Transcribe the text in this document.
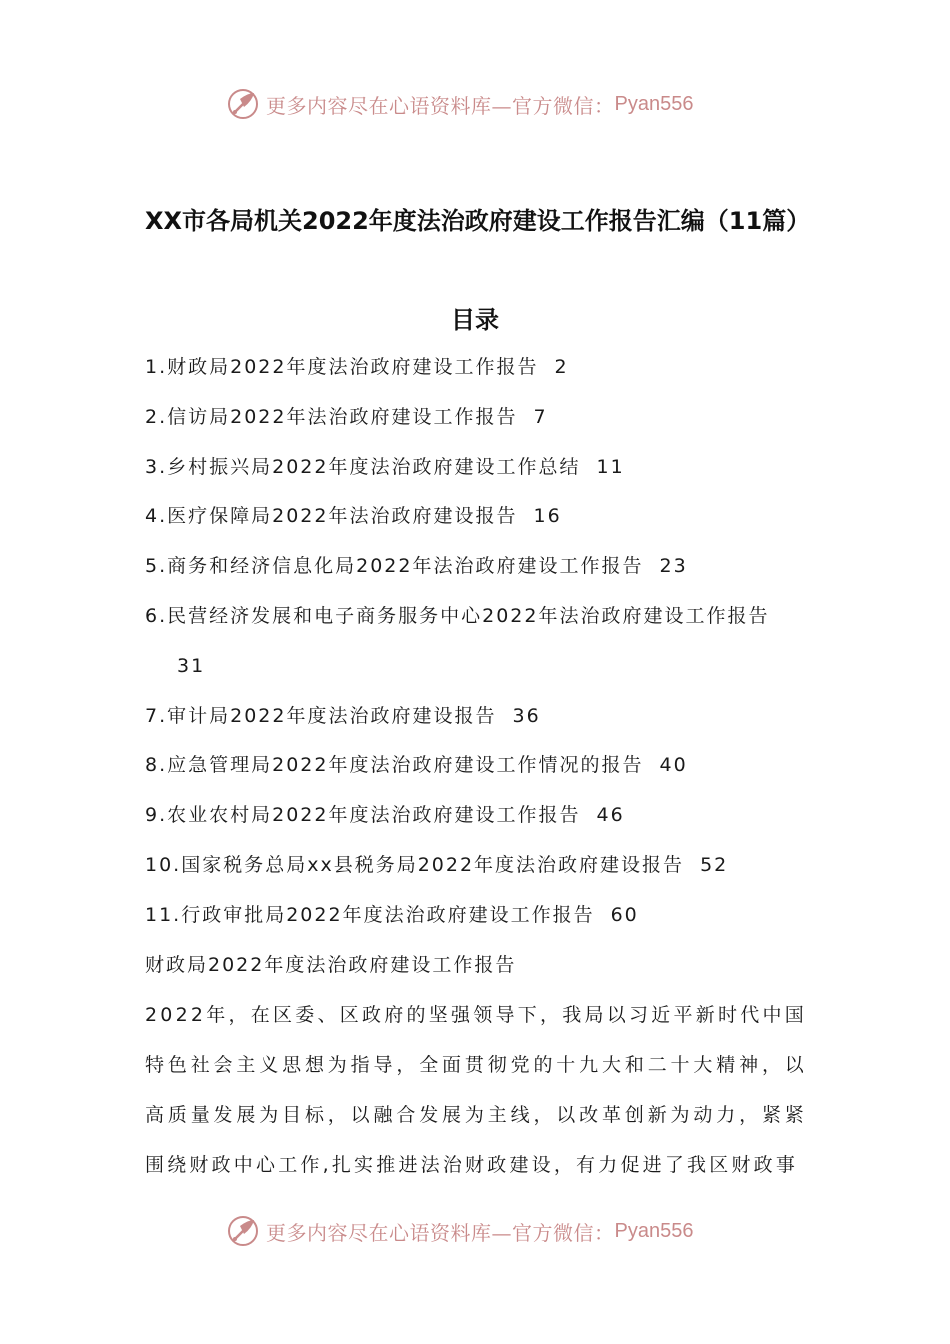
更多内容尽在心语资料库—官方微信： Pyan556
XX市各局机关2022年度法治政府建设工作报告汇编（11篇）
目录
1.财政局2022年度法治政府建设工作报告 2
2.信访局2022年法治政府建设工作报告 7
3.乡村振兴局2022年度法治政府建设工作总结 11
4.医疗保障局2022年法治政府建设报告 16
5.商务和经济信息化局2022年法治政府建设工作报告 23
6.民营经济发展和电子商务服务中心2022年法治政府建设工作报告
31
7.审计局2022年度法治政府建设报告 36
8.应急管理局2022年度法治政府建设工作情况的报告 40
9.农业农村局2022年度法治政府建设工作报告 46
10.国家税务总局xx县税务局2022年度法治政府建设报告 52
11.行政审批局2022年度法治政府建设工作报告 60
财政局2022年度法治政府建设工作报告

2022年，在区委、区政府的坚强领导下，我局以习近平新时代中国特色社会主义思想为指导，全面贯彻党的十九大和二十大精神，以高质量发展为目标，以融合发展为主线，以改革创新为动力，紧紧围绕财政中心工作,扎实推进法治财政建设，有力促进了我区财政事

更多内容尽在心语资料库—官方微信： Pyan556
